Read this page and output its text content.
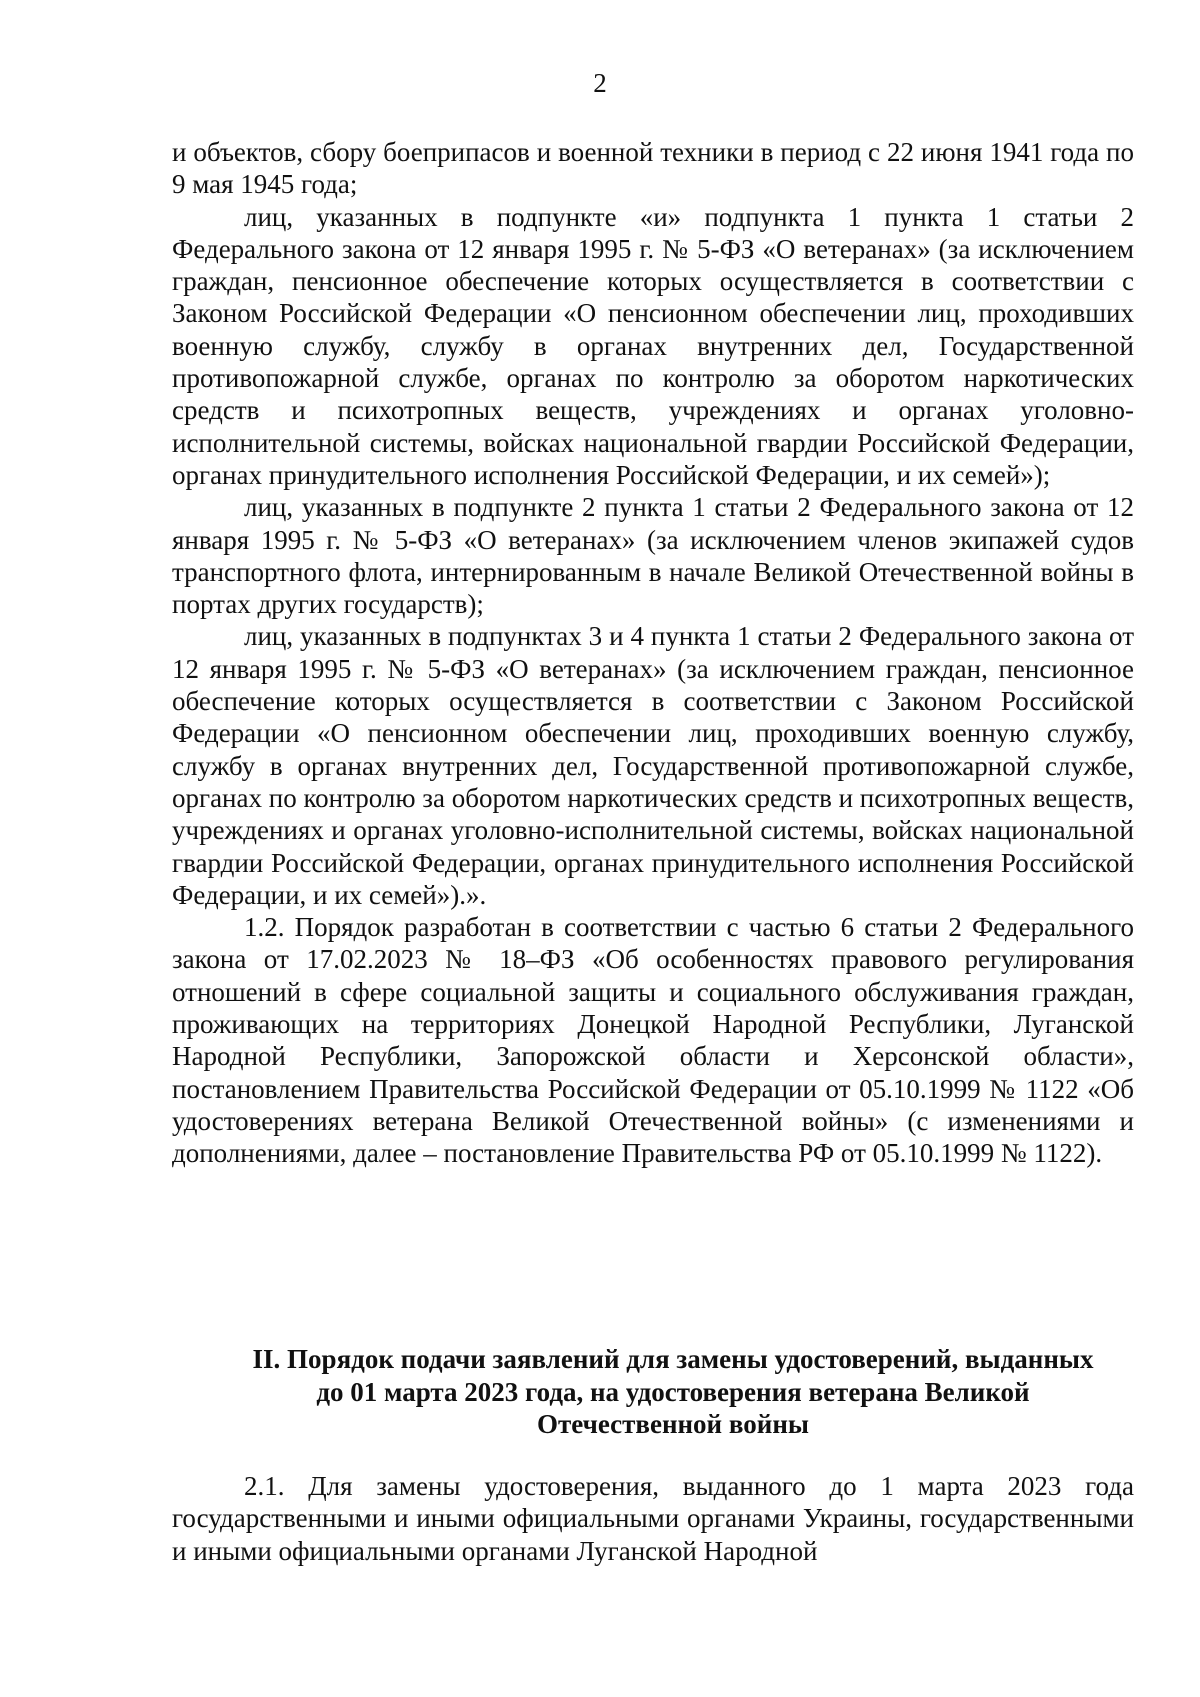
2

и объектов, сбору боеприпасов и военной техники в период с 22 июня 1941 года по 9 мая 1945 года;

лиц, указанных в подпункте «и» подпункта 1 пункта 1 статьи 2 Федерального закона от 12 января 1995 г. № 5-ФЗ «О ветеранах» (за исключением граждан, пенсионное обеспечение которых осуществляется в соответствии с Законом Российской Федерации «О пенсионном обеспечении лиц, проходивших военную службу, службу в органах внутренних дел, Государственной противопожарной службе, органах по контролю за оборотом наркотических средств и психотропных веществ, учреждениях и органах уголовно-исполнительной системы, войсках национальной гвардии Российской Федерации, органах принудительного исполнения Российской Федерации, и их семей»);

лиц, указанных в подпункте 2 пункта 1 статьи 2 Федерального закона от 12 января 1995 г. № 5-ФЗ «О ветеранах» (за исключением членов экипажей судов транспортного флота, интернированным в начале Великой Отечественной войны в портах других государств);

лиц, указанных в подпунктах 3 и 4 пункта 1 статьи 2 Федерального закона от 12 января 1995 г. № 5-ФЗ «О ветеранах» (за исключением граждан, пенсионное обеспечение которых осуществляется в соответствии с Законом Российской Федерации «О пенсионном обеспечении лиц, проходивших военную службу, службу в органах внутренних дел, Государственной противопожарной службе, органах по контролю за оборотом наркотических средств и психотропных веществ, учреждениях и органах уголовно-исполнительной системы, войсках национальной гвардии Российской Федерации, органах принудительного исполнения Российской Федерации, и их семей»).».

1.2. Порядок разработан в соответствии с частью 6 статьи 2 Федерального закона от 17.02.2023 № 18–ФЗ «Об особенностях правового регулирования отношений в сфере социальной защиты и социального обслуживания граждан, проживающих на территориях Донецкой Народной Республики, Луганской Народной Республики, Запорожской области и Херсонской области», постановлением Правительства Российской Федерации от 05.10.1999 № 1122 «Об удостоверениях ветерана Великой Отечественной войны» (с изменениями и дополнениями, далее – постановление Правительства РФ от 05.10.1999 № 1122).

II. Порядок подачи заявлений для замены удостоверений, выданных
до 01 марта 2023 года, на удостоверения ветерана Великой
Отечественной войны

2.1. Для замены удостоверения, выданного до 1 марта 2023 года государственными и иными официальными органами Украины, государственными и иными официальными органами Луганской Народной
